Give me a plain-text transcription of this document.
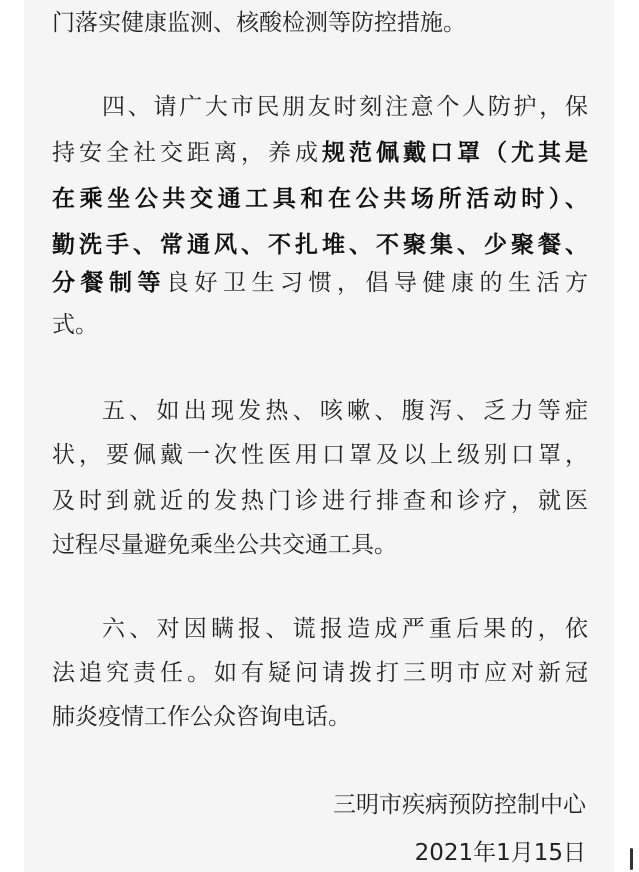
门落实健康监测、核酸检测等防控措施。
四、请广大市民朋友时刻注意个人防护，保
持安全社交距离，养成规范佩戴口罩（尤其是
在乘坐公共交通工具和在公共场所活动时）、
勤洗手、常通风、不扎堆、不聚集、少聚餐、
分餐制等良好卫生习惯，倡导健康的生活方
式。
五、如出现发热、咳嗽、腹泻、乏力等症
状，要佩戴一次性医用口罩及以上级别口罩，
及时到就近的发热门诊进行排查和诊疗，就医
过程尽量避免乘坐公共交通工具。
六、对因瞒报、谎报造成严重后果的，依
法追究责任。如有疑问请拨打三明市应对新冠
肺炎疫情工作公众咨询电话。
三明市疾病预防控制中心
2021年1月15日
